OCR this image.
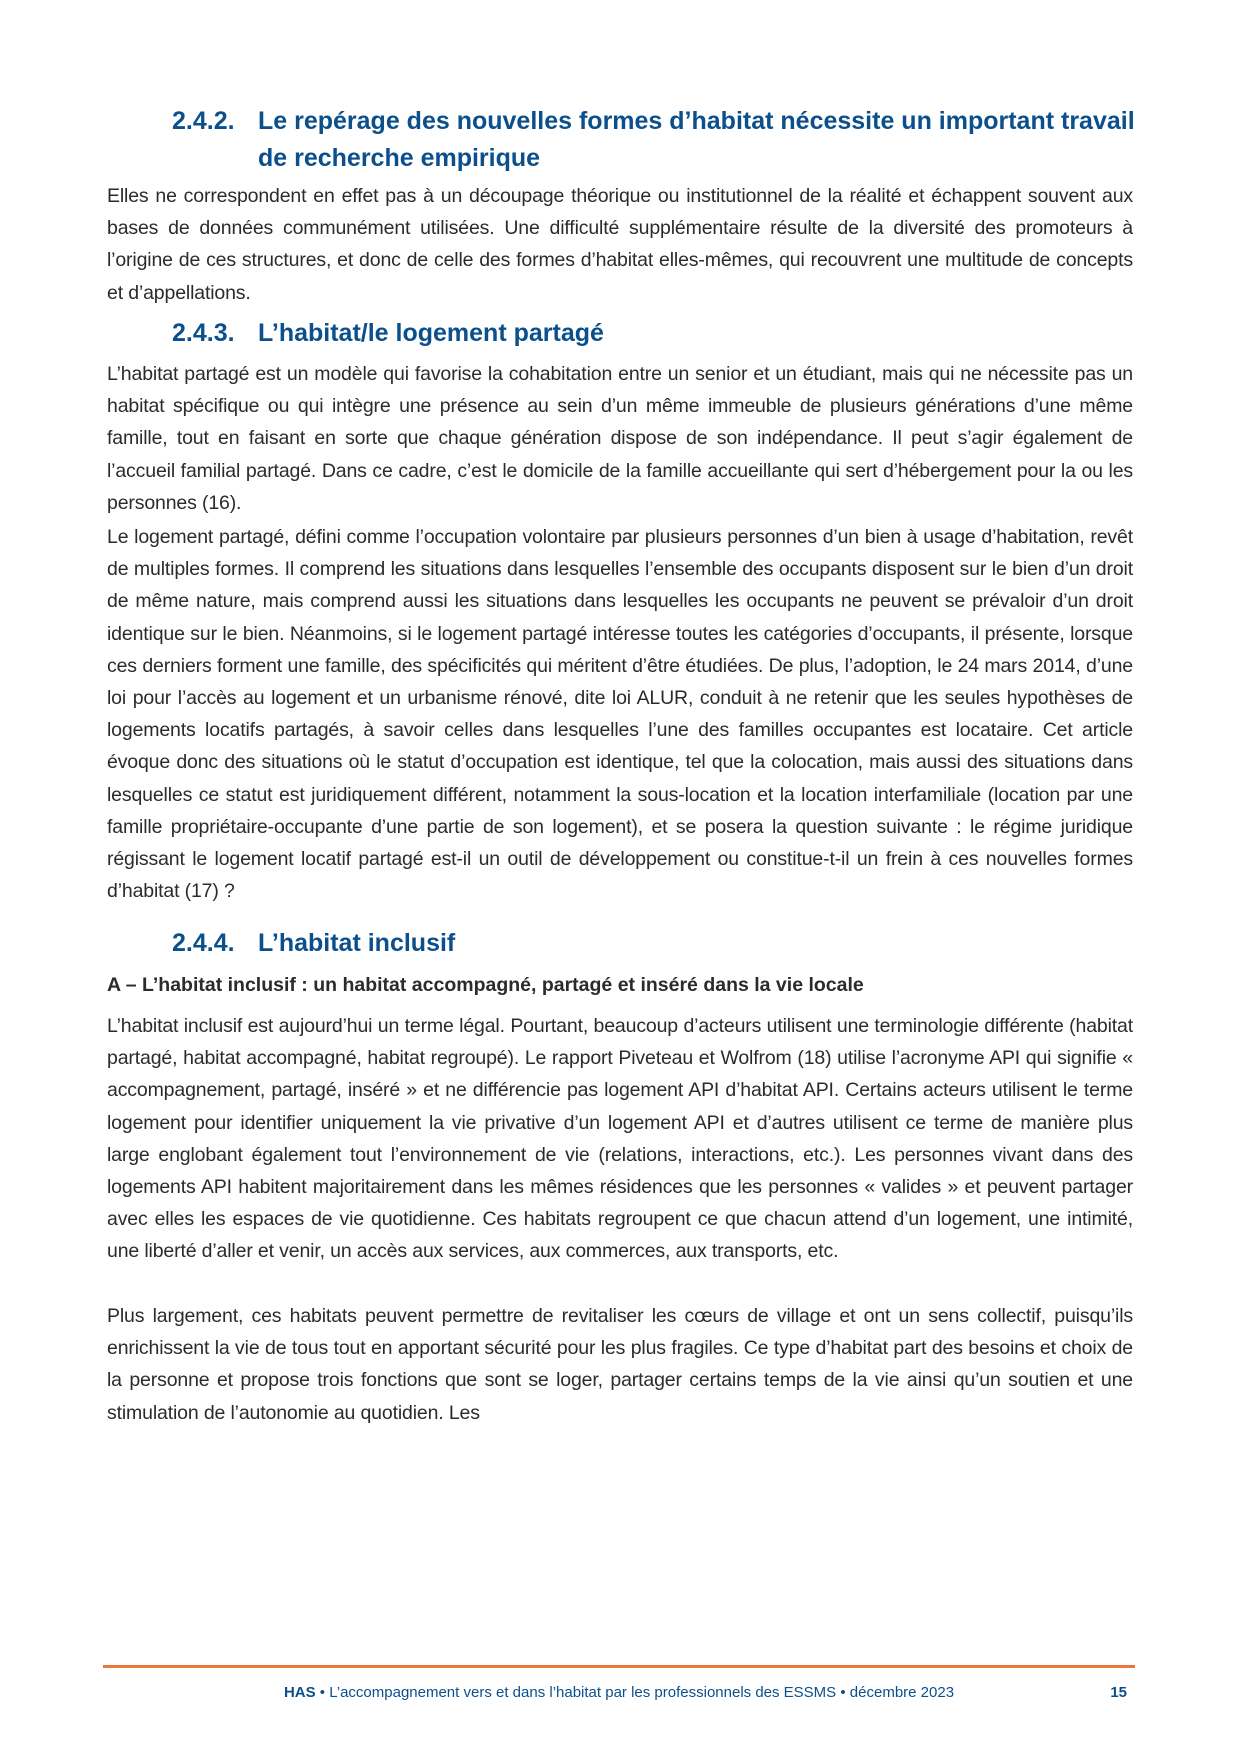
2.4.2. Le repérage des nouvelles formes d’habitat nécessite un important travail de recherche empirique

Elles ne correspondent en effet pas à un découpage théorique ou institutionnel de la réalité et échappent souvent aux bases de données communément utilisées. Une difficulté supplémentaire résulte de la diversité des promoteurs à l’origine de ces structures, et donc de celle des formes d’habitat elles-mêmes, qui recouvrent une multitude de concepts et d’appellations.

2.4.3. L’habitat/le logement partagé

L’habitat partagé est un modèle qui favorise la cohabitation entre un senior et un étudiant, mais qui ne nécessite pas un habitat spécifique ou qui intègre une présence au sein d’un même immeuble de plusieurs générations d’une même famille, tout en faisant en sorte que chaque génération dispose de son indépendance. Il peut s’agir également de l’accueil familial partagé. Dans ce cadre, c’est le domicile de la famille accueillante qui sert d’hébergement pour la ou les personnes (16).

Le logement partagé, défini comme l’occupation volontaire par plusieurs personnes d’un bien à usage d’habitation, revêt de multiples formes. Il comprend les situations dans lesquelles l’ensemble des occupants disposent sur le bien d’un droit de même nature, mais comprend aussi les situations dans lesquelles les occupants ne peuvent se prévaloir d’un droit identique sur le bien. Néanmoins, si le logement partagé intéresse toutes les catégories d’occupants, il présente, lorsque ces derniers forment une famille, des spécificités qui méritent d’être étudiées. De plus, l’adoption, le 24 mars 2014, d’une loi pour l’accès au logement et un urbanisme rénové, dite loi ALUR, conduit à ne retenir que les seules hypothèses de logements locatifs partagés, à savoir celles dans lesquelles l’une des familles occupantes est locataire. Cet article évoque donc des situations où le statut d’occupation est identique, tel que la colocation, mais aussi des situations dans lesquelles ce statut est juridiquement différent, notamment la sous-location et la location interfamiliale (location par une famille propriétaire-occupante d’une partie de son logement), et se posera la question suivante : le régime juridique régissant le logement locatif partagé est-il un outil de développement ou constitue-t-il un frein à ces nouvelles formes d’habitat (17) ?

2.4.4. L’habitat inclusif
A – L’habitat inclusif : un habitat accompagné, partagé et inséré dans la vie locale

L’habitat inclusif est aujourd’hui un terme légal. Pourtant, beaucoup d’acteurs utilisent une terminologie différente (habitat partagé, habitat accompagné, habitat regroupé). Le rapport Piveteau et Wolfrom (18) utilise l’acronyme API qui signifie « accompagnement, partagé, inséré » et ne différencie pas logement API d’habitat API. Certains acteurs utilisent le terme logement pour identifier uniquement la vie privative d’un logement API et d’autres utilisent ce terme de manière plus large englobant également tout l’environnement de vie (relations, interactions, etc.). Les personnes vivant dans des logements API habitent majoritairement dans les mêmes résidences que les personnes « valides » et peuvent partager avec elles les espaces de vie quotidienne. Ces habitats regroupent ce que chacun attend d’un logement, une intimité, une liberté d’aller et venir, un accès aux services, aux commerces, aux transports, etc.

Plus largement, ces habitats peuvent permettre de revitaliser les cœurs de village et ont un sens collectif, puisqu’ils enrichissent la vie de tous tout en apportant sécurité pour les plus fragiles. Ce type d’habitat part des besoins et choix de la personne et propose trois fonctions que sont se loger, partager certains temps de la vie ainsi qu’un soutien et une stimulation de l’autonomie au quotidien. Les

HAS • L’accompagnement vers et dans l’habitat par les professionnels des ESSMS • décembre 2023	15
